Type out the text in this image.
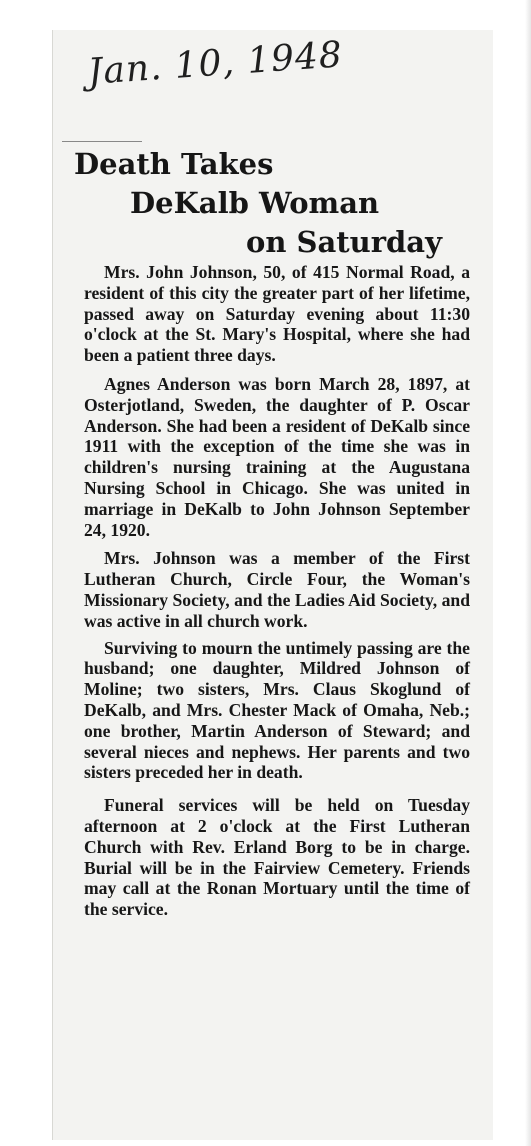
Jan. 10, 1948
Death Takes
DeKalb Woman
on Saturday

Mrs. John Johnson, 50, of 415 Normal Road, a resident of this city the greater part of her lifetime, passed away on Saturday evening about 11:30 o'clock at the St. Mary's Hospital, where she had been a patient three days.

Agnes Anderson was born March 28, 1897, at Osterjotland, Sweden, the daughter of P. Oscar Anderson. She had been a resident of DeKalb since 1911 with the exception of the time she was in children's nursing training at the Augustana Nursing School in Chicago. She was united in marriage in DeKalb to John Johnson September 24, 1920.

Mrs. Johnson was a member of the First Lutheran Church, Circle Four, the Woman's Missionary Society, and the Ladies Aid Society, and was active in all church work.

Surviving to mourn the untimely passing are the husband; one daughter, Mildred Johnson of Moline; two sisters, Mrs. Claus Skoglund of DeKalb, and Mrs. Chester Mack of Omaha, Neb.; one brother, Martin Anderson of Steward; and several nieces and nephews. Her parents and two sisters preceded her in death.

Funeral services will be held on Tuesday afternoon at 2 o'clock at the First Lutheran Church with Rev. Erland Borg to be in charge. Burial will be in the Fairview Cemetery. Friends may call at the Ronan Mortuary until the time of the service.
